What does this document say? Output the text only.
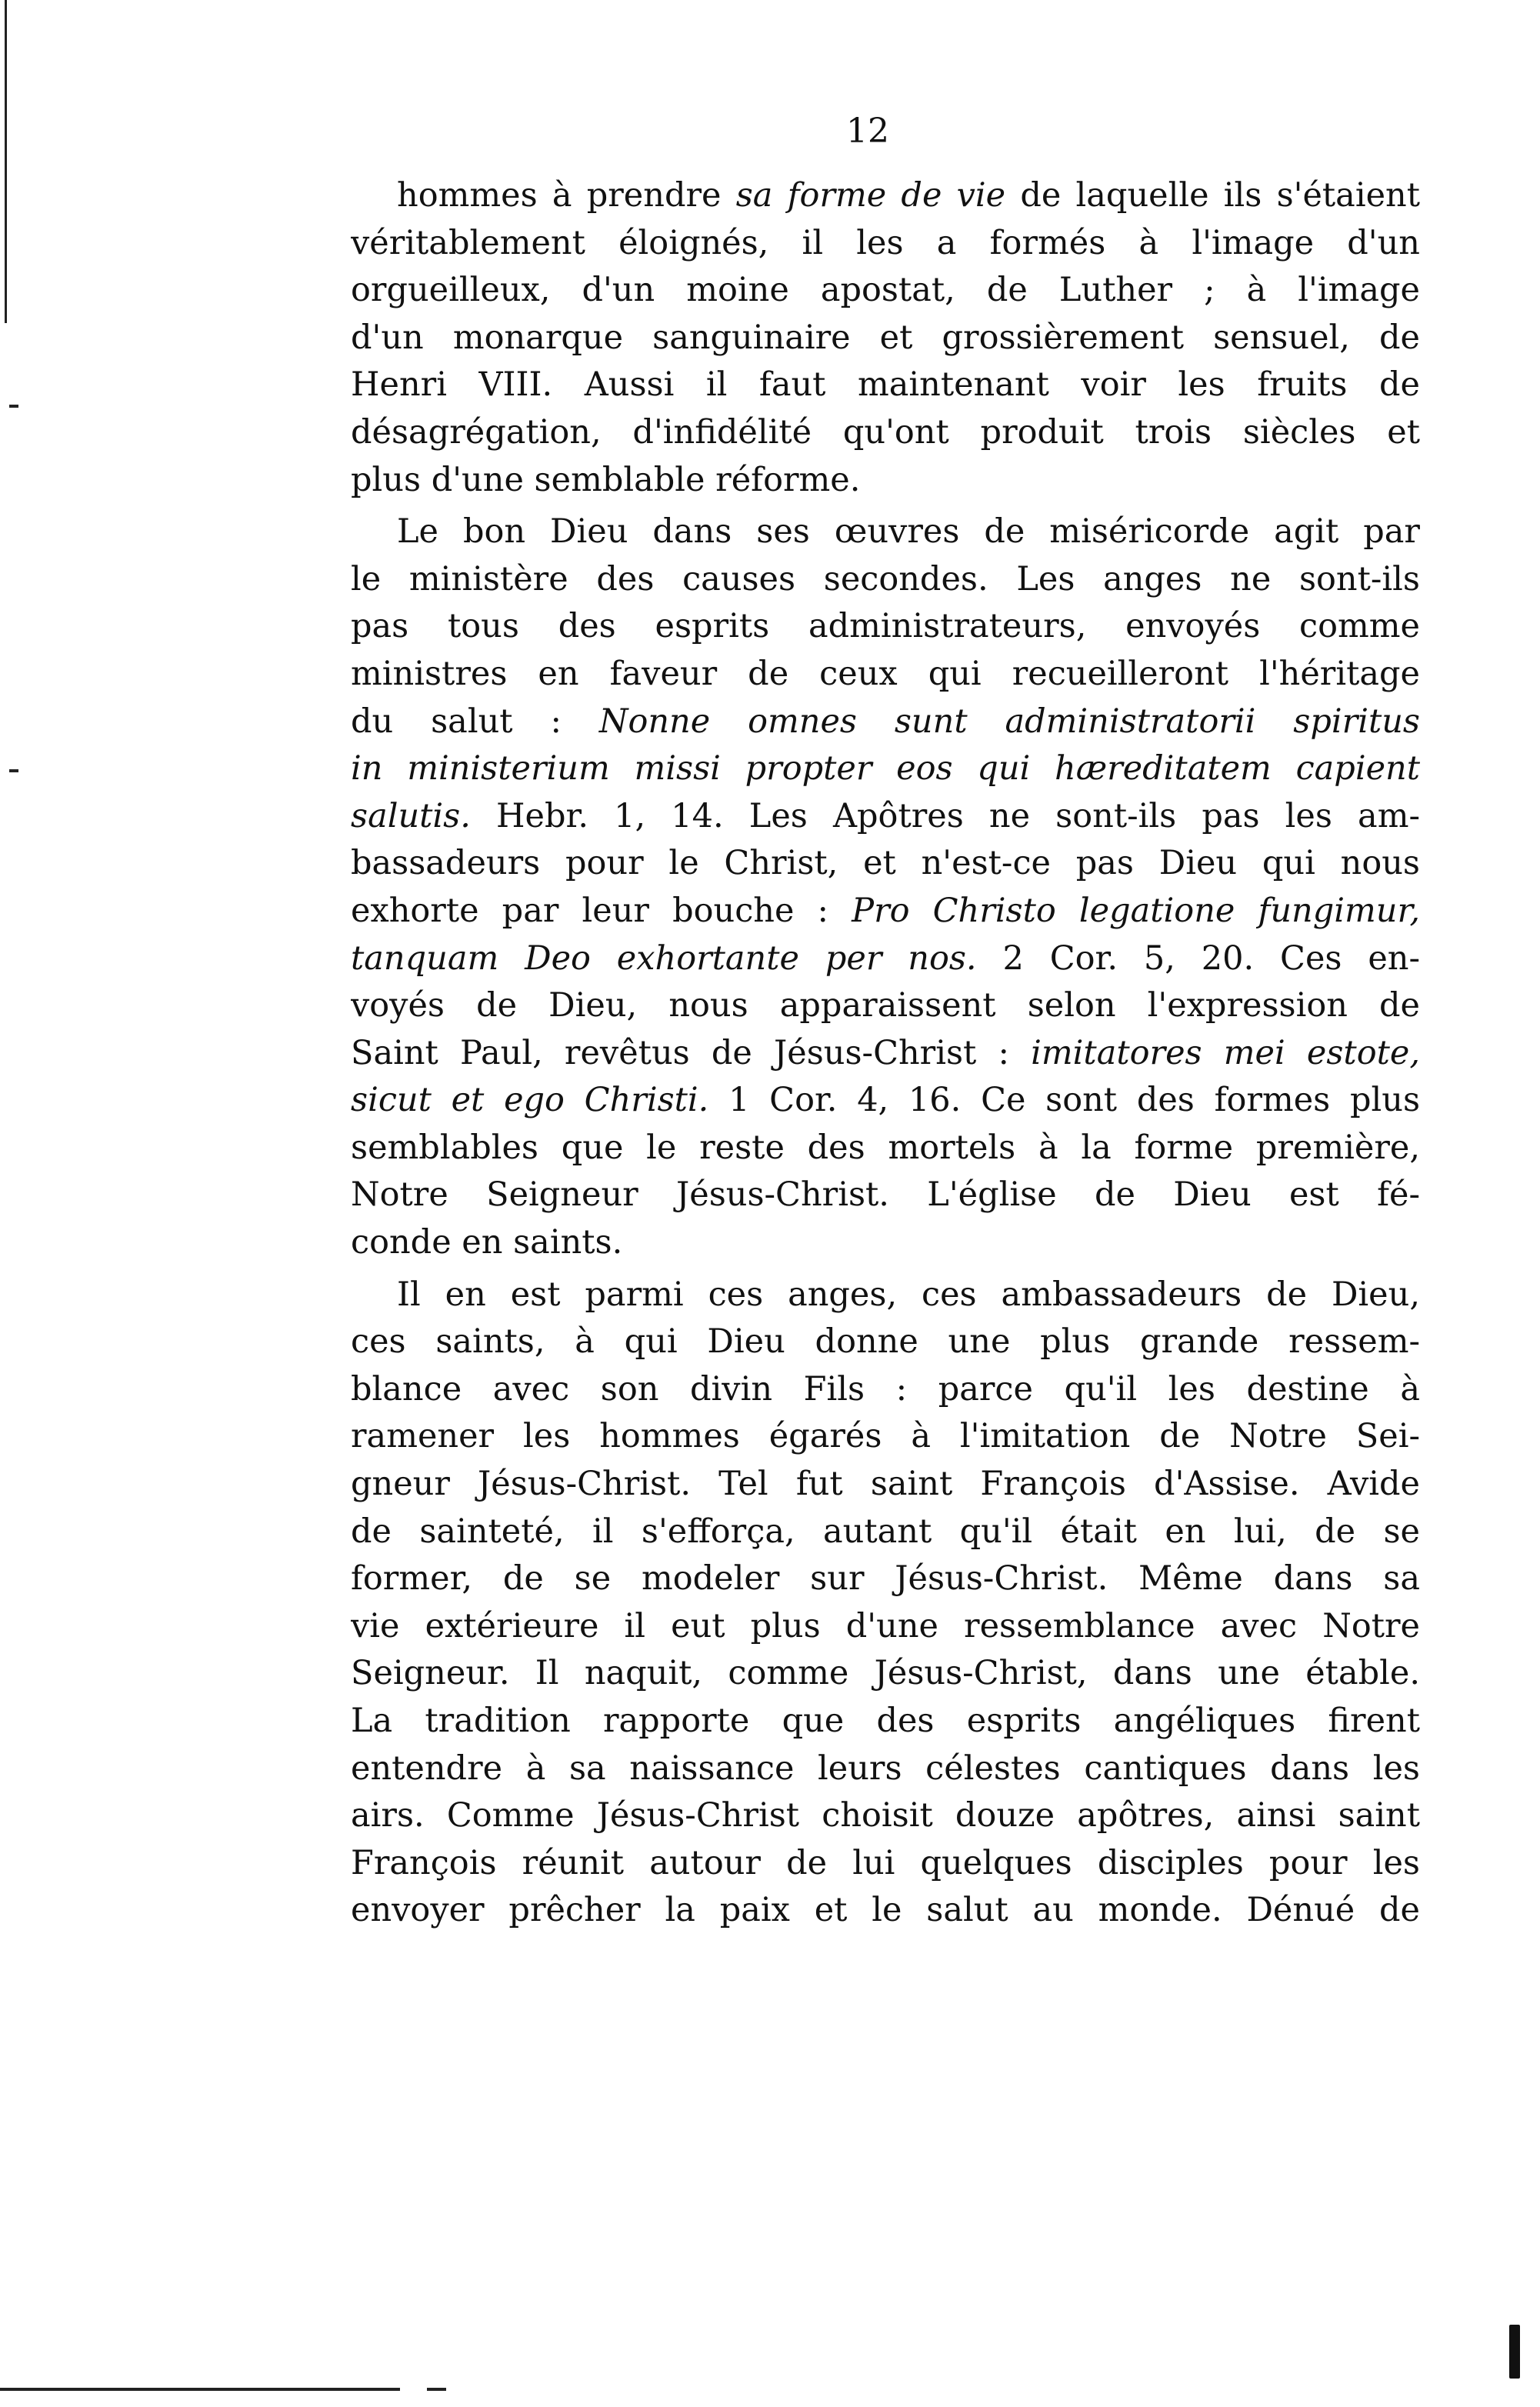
12

hommes à prendre sa forme de vie de laquelle ils s'étaient
véritablement éloignés, il les a formés à l'image d'un
orgueilleux, d'un moine apostat, de Luther ; à l'image
d'un monarque sanguinaire et grossièrement sensuel, de
Henri VIII. Aussi il faut maintenant voir les fruits de
désagrégation, d'infidélité qu'ont produit trois siècles et
plus d'une semblable réforme.
Le bon Dieu dans ses œuvres de miséricorde agit par
le ministère des causes secondes. Les anges ne sont-ils
pas tous des esprits administrateurs, envoyés comme
ministres en faveur de ceux qui recueilleront l'héritage
du salut : Nonne omnes sunt administratorii spiritus
in ministerium missi propter eos qui hæreditatem capient
salutis. Hebr. 1, 14. Les Apôtres ne sont-ils pas les am-
bassadeurs pour le Christ, et n'est-ce pas Dieu qui nous
exhorte par leur bouche : Pro Christo legatione fungimur,
tanquam Deo exhortante per nos. 2 Cor. 5, 20. Ces en-
voyés de Dieu, nous apparaissent selon l'expression de
Saint Paul, revêtus de Jésus-Christ : imitatores mei estote,
sicut et ego Christi. 1 Cor. 4, 16. Ce sont des formes plus
semblables que le reste des mortels à la forme première,
Notre Seigneur Jésus-Christ. L'église de Dieu est fé-
conde en saints.
Il en est parmi ces anges, ces ambassadeurs de Dieu,
ces saints, à qui Dieu donne une plus grande ressem-
blance avec son divin Fils : parce qu'il les destine à
ramener les hommes égarés à l'imitation de Notre Sei-
gneur Jésus-Christ. Tel fut saint François d'Assise. Avide
de sainteté, il s'efforça, autant qu'il était en lui, de se
former, de se modeler sur Jésus-Christ. Même dans sa
vie extérieure il eut plus d'une ressemblance avec Notre
Seigneur. Il naquit, comme Jésus-Christ, dans une étable.
La tradition rapporte que des esprits angéliques firent
entendre à sa naissance leurs célestes cantiques dans les
airs. Comme Jésus-Christ choisit douze apôtres, ainsi saint
François réunit autour de lui quelques disciples pour les
envoyer prêcher la paix et le salut au monde. Dénué de
